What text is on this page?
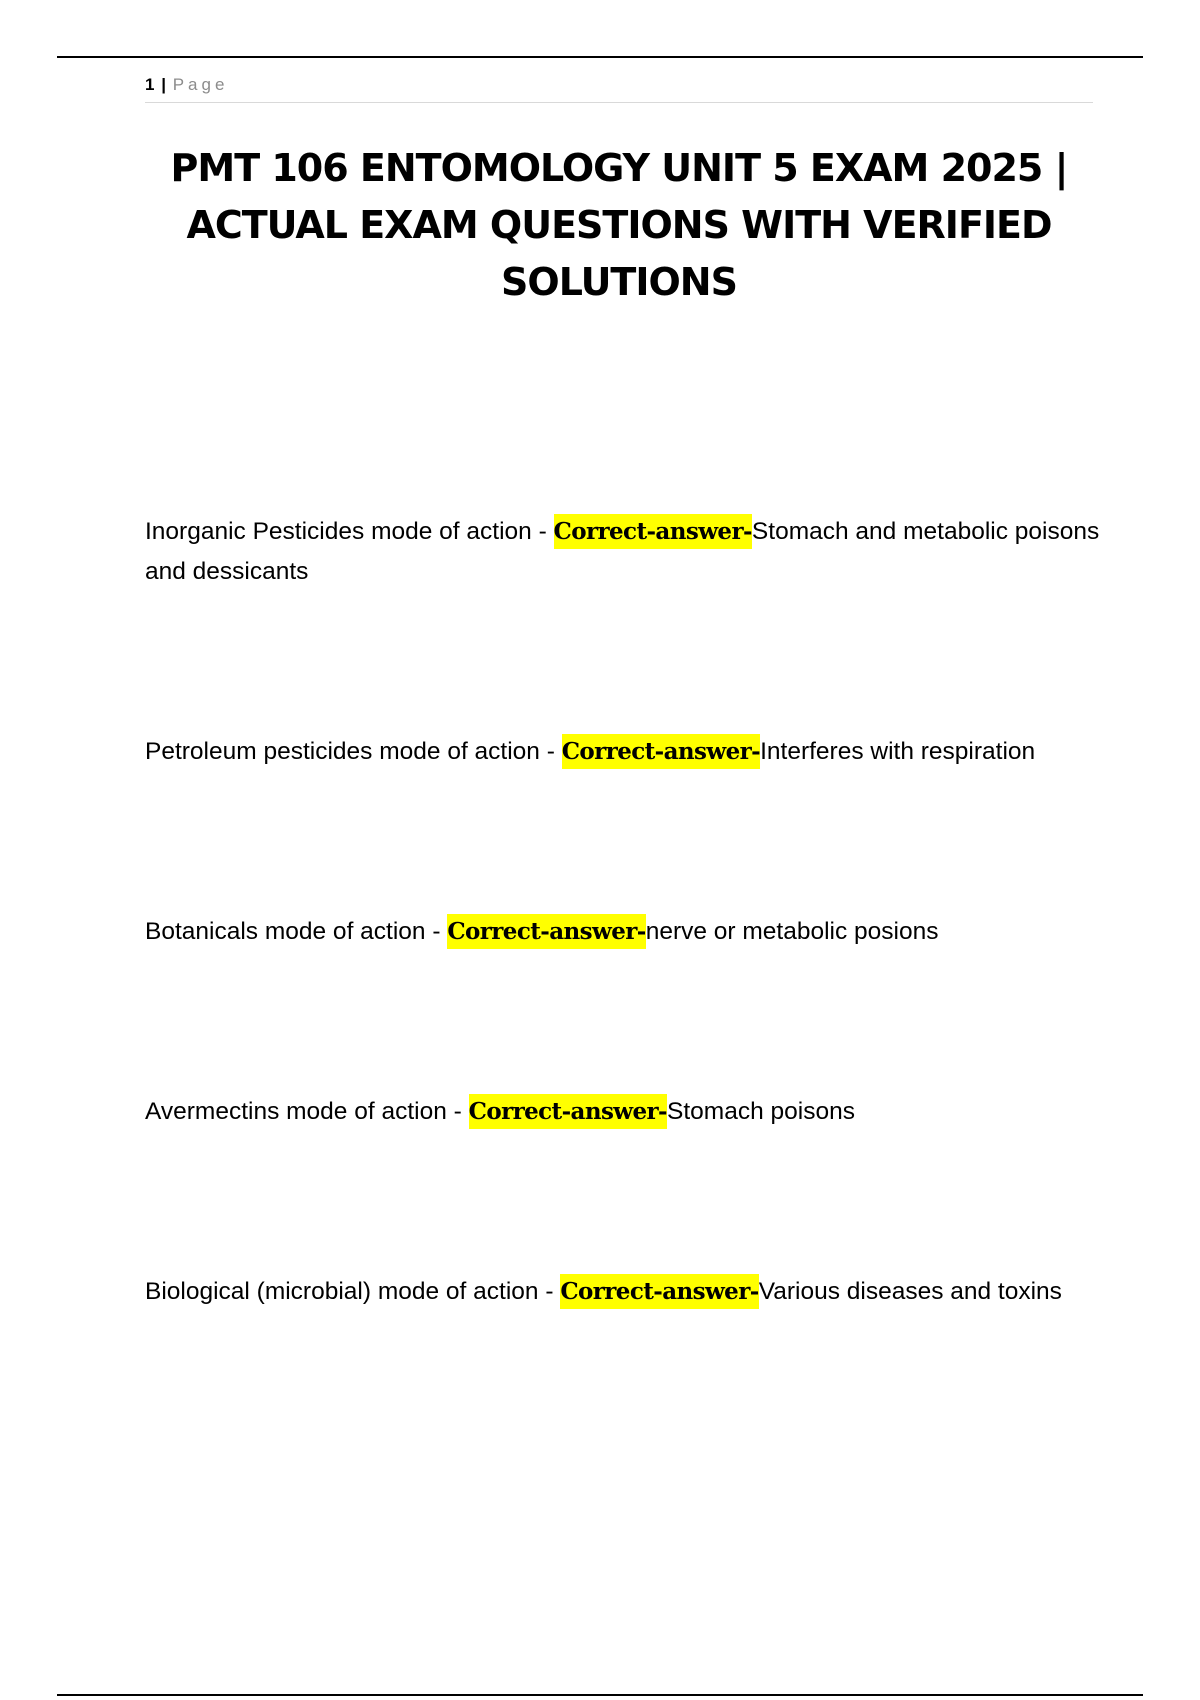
1 | Page
PMT 106 ENTOMOLOGY UNIT 5 EXAM 2025 | ACTUAL EXAM QUESTIONS WITH VERIFIED SOLUTIONS
Inorganic Pesticides mode of action - Correct-answer-Stomach and metabolic poisons and dessicants
Petroleum pesticides mode of action - Correct-answer-Interferes with respiration
Botanicals mode of action - Correct-answer-nerve or metabolic posions
Avermectins mode of action - Correct-answer-Stomach poisons
Biological (microbial) mode of action - Correct-answer-Various diseases and toxins
